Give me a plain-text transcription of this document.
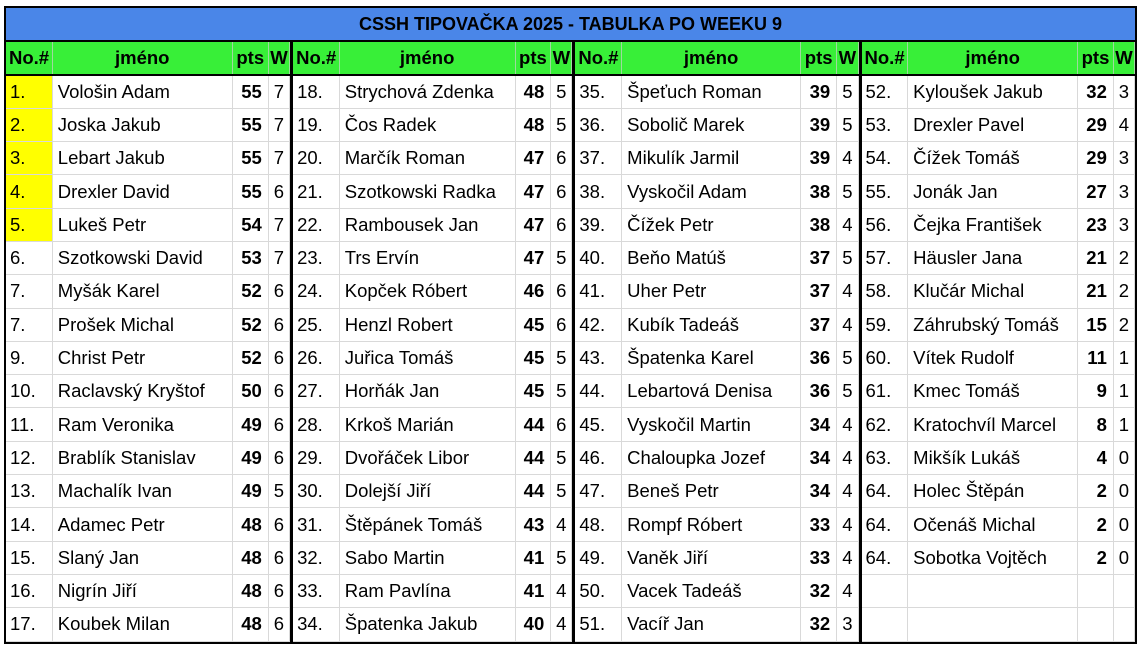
CSSH TIPOVAČKA 2025 - TABULKA PO WEEKU 9
No.#	jméno	pts	W
1.	Vološin Adam	55	7
2.	Joska Jakub	55	7
3.	Lebart Jakub	55	7
4.	Drexler David	55	6
5.	Lukeš Petr	54	7
6.	Szotkowski David	53	7
7.	Myšák Karel	52	6
7.	Prošek Michal	52	6
9.	Christ Petr	52	6
10.	Raclavský Kryštof	50	6
11.	Ram Veronika	49	6
12.	Brablík Stanislav	49	6
13.	Machalík Ivan	49	5
14.	Adamec Petr	48	6
15.	Slaný Jan	48	6
16.	Nigrín Jiří	48	6
17.	Koubek Milan	48	6
No.#	jméno	pts	W
18.	Strychová Zdenka	48	5
19.	Čos Radek	48	5
20.	Marčík Roman	47	6
21.	Szotkowski Radka	47	6
22.	Rambousek Jan	47	6
23.	Trs Ervín	47	5
24.	Kopček Róbert	46	6
25.	Henzl Robert	45	6
26.	Juřica Tomáš	45	5
27.	Horňák Jan	45	5
28.	Krkoš Marián	44	6
29.	Dvořáček Libor	44	5
30.	Dolejší Jiří	44	5
31.	Štěpánek Tomáš	43	4
32.	Sabo Martin	41	5
33.	Ram Pavlína	41	4
34.	Špatenka Jakub	40	4
No.#	jméno	pts	W
35.	Špeťuch Roman	39	5
36.	Sobolič Marek	39	5
37.	Mikulík Jarmil	39	4
38.	Vyskočil Adam	38	5
39.	Čížek Petr	38	4
40.	Beňo Matúš	37	5
41.	Uher Petr	37	4
42.	Kubík Tadeáš	37	4
43.	Špatenka Karel	36	5
44.	Lebartová Denisa	36	5
45.	Vyskočil Martin	34	4
46.	Chaloupka Jozef	34	4
47.	Beneš Petr	34	4
48.	Rompf Róbert	33	4
49.	Vaněk Jiří	33	4
50.	Vacek Tadeáš	32	4
51.	Vacíř Jan	32	3
No.#	jméno	pts	W
52.	Kyloušek Jakub	32	3
53.	Drexler Pavel	29	4
54.	Čížek Tomáš	29	3
55.	Jonák Jan	27	3
56.	Čejka František	23	3
57.	Häusler Jana	21	2
58.	Klučár Michal	21	2
59.	Záhrubský Tomáš	15	2
60.	Vítek Rudolf	11	1
61.	Kmec Tomáš	9	1
62.	Kratochvíl Marcel	8	1
63.	Mikšík Lukáš	4	0
64.	Holec Štěpán	2	0
64.	Očenáš Michal	2	0
64.	Sobotka Vojtěch	2	0
